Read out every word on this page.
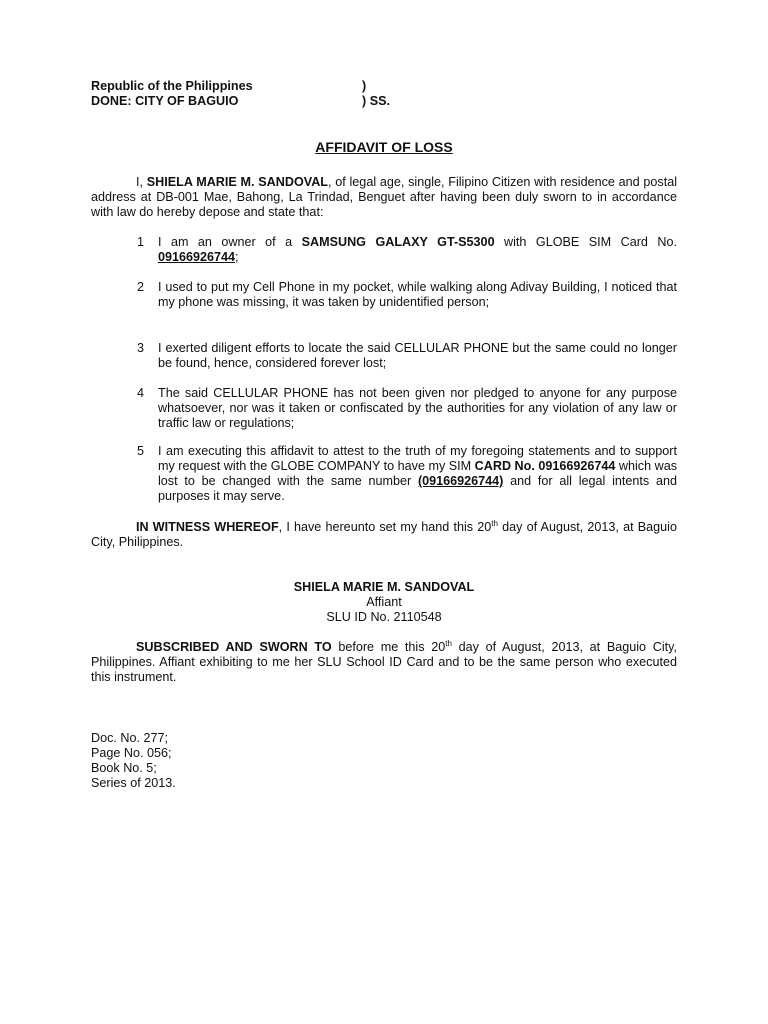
Republic of the Philippines	)
DONE: CITY OF BAGUIO	) SS.
AFFIDAVIT OF LOSS
I, SHIELA MARIE M. SANDOVAL, of legal age, single, Filipino Citizen with residence and postal address at DB-001 Mae, Bahong, La Trindad, Benguet after having been duly sworn to in accordance with law do hereby depose and state that:
1 I am an owner of a SAMSUNG GALAXY GT-S5300 with GLOBE SIM Card No. 09166926744;
2 I used to put my Cell Phone in my pocket, while walking along Adivay Building, I noticed that my phone was missing, it was taken by unidentified person;
3 I exerted diligent efforts to locate the said CELLULAR PHONE but the same could no longer be found, hence, considered forever lost;
4 The said CELLULAR PHONE has not been given nor pledged to anyone for any purpose whatsoever, nor was it taken or confiscated by the authorities for any violation of any law or traffic law or regulations;
5 I am executing this affidavit to attest to the truth of my foregoing statements and to support my request with the GLOBE COMPANY to have my SIM CARD No. 09166926744 which was lost to be changed with the same number (09166926744) and for all legal intents and purposes it may serve.
IN WITNESS WHEREOF, I have hereunto set my hand this 20th day of August, 2013, at Baguio City, Philippines.
SHIELA MARIE M. SANDOVAL
Affiant
SLU ID No. 2110548
SUBSCRIBED AND SWORN TO before me this 20th day of August, 2013, at Baguio City, Philippines. Affiant exhibiting to me her SLU School ID Card and to be the same person who executed this instrument.
Doc. No. 277;
Page No. 056;
Book No. 5;
Series of 2013.
